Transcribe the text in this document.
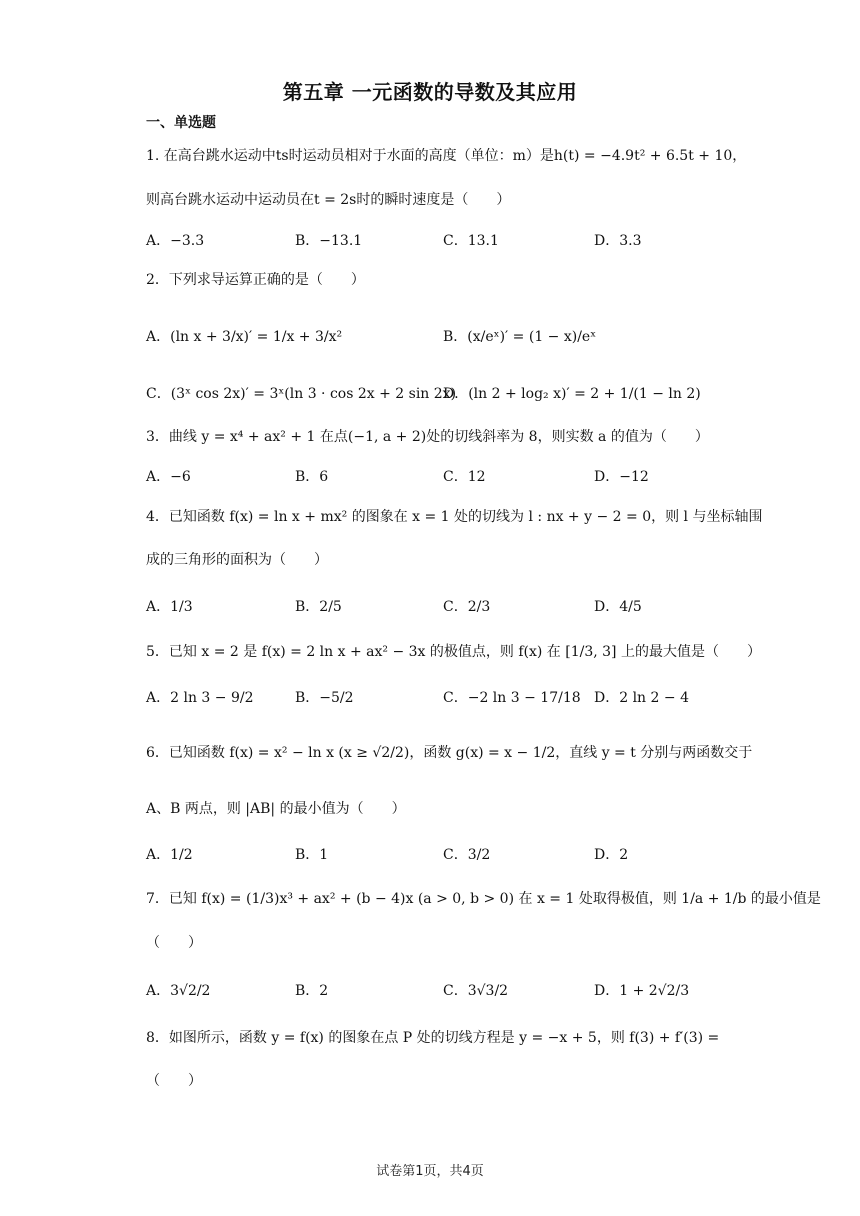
第五章 一元函数的导数及其应用
一、单选题
1. 在高台跳水运动中ts时运动员相对于水面的高度（单位：m）是h(t) = −4.9t² + 6.5t + 10，
则高台跳水运动中运动员在t = 2s时的瞬时速度是（　　）
A．−3.3	B．−13.1	C．13.1	D．3.3
2．下列求导运算正确的是（　　）
A．(ln x + 3/x)′ = 1/x + 3/x²	B．(x/eˣ)′ = (1 − x)/eˣ
C．(3ˣ cos 2x)′ = 3ˣ(ln 3 · cos 2x + 2 sin 2x)
D．(ln 2 + log₂ x)′ = 2 + 1/(1 − ln 2)
3．曲线 y = x⁴ + ax² + 1 在点(−1, a + 2)处的切线斜率为 8，则实数 a 的值为（　　）
A．−6	B．6	C．12	D．−12
4．已知函数 f(x) = ln x + mx² 的图象在 x = 1 处的切线为 l : nx + y − 2 = 0，则 l 与坐标轴围
成的三角形的面积为（　　）
A．1/3	B．2/5	C．2/3	D．4/5
5．已知 x = 2 是 f(x) = 2 ln x + ax² − 3x 的极值点，则 f(x) 在 [1/3, 3] 上的最大值是（　　）
A．2 ln 3 − 9/2	B．−5/2	C．−2 ln 3 − 17/18 D．2 ln 2 − 4
6．已知函数 f(x) = x² − ln x (x ≥ √2/2)，函数 g(x) = x − 1/2，直线 y = t 分别与两函数交于
A、B 两点，则 |AB| 的最小值为（　　）
A．1/2	B．1	C．3/2	D．2
7．已知 f(x) = (1/3)x³ + ax² + (b − 4)x (a > 0, b > 0) 在 x = 1 处取得极值，则 1/a + 1/b 的最小值是
（　　）
A．3√2/2	B．2	C．3√3/2	D．1 + 2√2/3
8．如图所示，函数 y = f(x) 的图象在点 P 处的切线方程是 y = −x + 5，则 f(3) + f′(3) =
（　　）
试卷第1页，共4页
